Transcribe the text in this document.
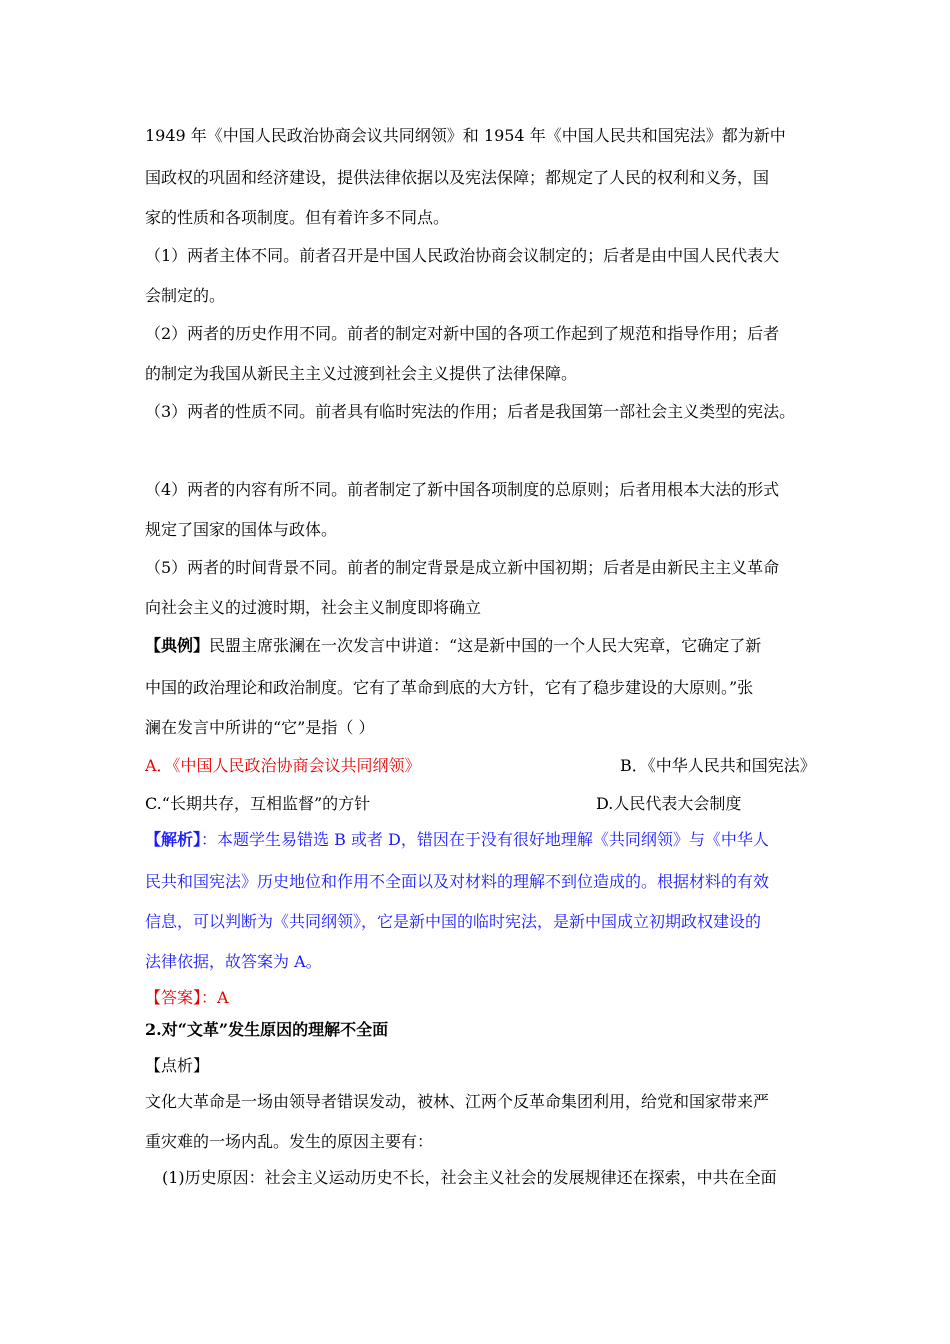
1949 年《中国人民政治协商会议共同纲领》和 1954 年《中国人民共和国宪法》都为新中
国政权的巩固和经济建设，提供法律依据以及宪法保障；都规定了人民的权利和义务，国
家的性质和各项制度。但有着许多不同点。
（1）两者主体不同。前者召开是中国人民政治协商会议制定的；后者是由中国人民代表大
会制定的。
（2）两者的历史作用不同。前者的制定对新中国的各项工作起到了规范和指导作用；后者
的制定为我国从新民主主义过渡到社会主义提供了法律保障。
（3）两者的性质不同。前者具有临时宪法的作用；后者是我国第一部社会主义类型的宪法。
（4）两者的内容有所不同。前者制定了新中国各项制度的总原则；后者用根本大法的形式
规定了国家的国体与政体。
（5）两者的时间背景不同。前者的制定背景是成立新中国初期；后者是由新民主主义革命
向社会主义的过渡时期，社会主义制度即将确立
【典例】民盟主席张澜在一次发言中讲道：“这是新中国的一个人民大宪章，它确定了新
中国的政治理论和政治制度。它有了革命到底的大方针，它有了稳步建设的大原则。”张
澜在发言中所讲的“它”是指（ ）
A．《中国人民政治协商会议共同纲领》	B．《中华人民共和国宪法》
C.“长期共存，互相监督”的方针	D.人民代表大会制度
【解析】：本题学生易错选 B 或者 D，错因在于没有很好地理解《共同纲领》与《中华人
民共和国宪法》历史地位和作用不全面以及对材料的理解不到位造成的。根据材料的有效
信息，可以判断为《共同纲领》，它是新中国的临时宪法，是新中国成立初期政权建设的
法律依据，故答案为 A。
【答案】：A
2.对“文革”发生原因的理解不全面
【点析】
文化大革命是一场由领导者错误发动，被林、江两个反革命集团利用，给党和国家带来严
重灾难的一场内乱。发生的原因主要有：
(1)历史原因：社会主义运动历史不长，社会主义社会的发展规律还在探索，中共在全面
